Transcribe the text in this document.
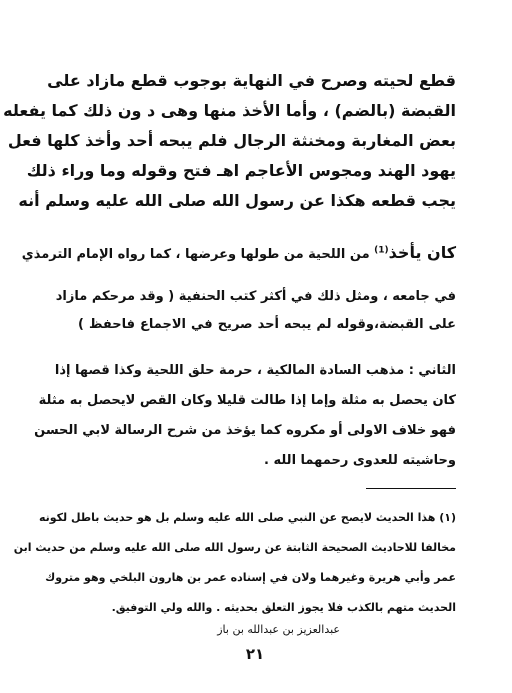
قطع لحيته وصرح في النهاية بوجوب قطع مازاد على
القبضة (بالضم) ، وأما الأخذ منها وهى د ون ذلك كما يفعله
بعض المغاربة ومخنثة الرجال فلم يبحه أحد وأخذ كلها فعل
يهود الهند ومجوس الأعاجم اهـ فتح وقوله وما وراء ذلك
يجب قطعه هكذا عن رسول الله صلى الله عليه وسلم أنه
كان يأخذ$^{(1)}$ من اللحية من طولها وعرضها ، كما رواه الإمام الترمذي
في جامعه ، ومثل ذلك في أكثر كتب الحنفية ( وقد مرحكم مازاد
على القبضة،وقوله لم يبحه أحد صريح في الاجماع فاحفظ )
الثاني : مذهب السادة المالكية ، حرمة حلق اللحية وكذا قصها إذا
كان يحصل به مثلة وإما إذا طالت قليلا وكان القص لايحصل به مثلة
فهو خلاف الاولى أو مكروه كما يؤخذ من شرح الرسالة لابي الحسن
وحاشيته للعدوى رحمهما الله .
(١) هذا الحديث لايصح عن النبي صلى الله عليه وسلم بل هو حديث باطل لكونه
مخالفا للاحاديث الصحيحة الثابتة عن رسول الله صلى الله عليه وسلم من حديث ابن
عمر وأبي هريرة وغيرهما ولان في إسناده عمر بن هارون البلخي وهو متروك
الحديث متهم بالكذب فلا يجوز التعلق بحديثه . والله ولي التوفيق.
عبدالعزيز بن عبدالله بن باز
٢١
